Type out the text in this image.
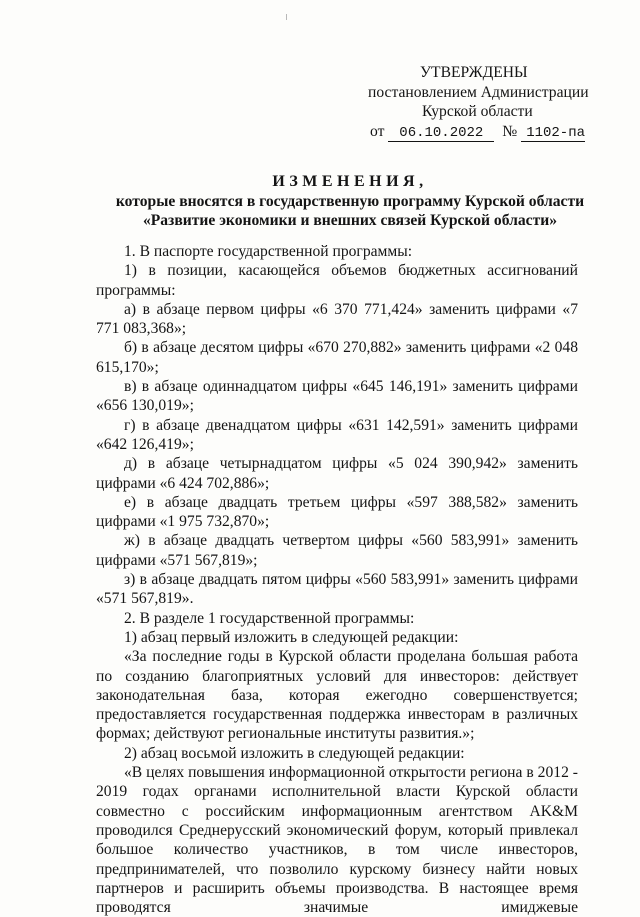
УТВЕРЖДЕНЫ
постановлением Администрации
Курской области
от 06.10.2022 № 1102-па
ИЗМЕНЕНИЯ,
которые вносятся в государственную программу Курской области
«Развитие экономики и внешних связей Курской области»

1. В паспорте государственной программы:

1) в позиции, касающейся объемов бюджетных ассигнований программы:

а) в абзаце первом цифры «6 370 771,424» заменить цифрами «7 771 083,368»;

б) в абзаце десятом цифры «670 270,882» заменить цифрами «2 048 615,170»;

в) в абзаце одиннадцатом цифры «645 146,191» заменить цифрами «656 130,019»;

г) в абзаце двенадцатом цифры «631 142,591» заменить цифрами «642 126,419»;

д) в абзаце четырнадцатом цифры «5 024 390,942» заменить цифрами «6 424 702,886»;

е) в абзаце двадцать третьем цифры «597 388,582» заменить цифрами «1 975 732,870»;

ж) в абзаце двадцать четвертом цифры «560 583,991» заменить цифрами «571 567,819»;

з) в абзаце двадцать пятом цифры «560 583,991» заменить цифрами «571 567,819».

2. В разделе 1 государственной программы:

1) абзац первый изложить в следующей редакции:

«За последние годы в Курской области проделана большая работа по созданию благоприятных условий для инвесторов: действует законодательная база, которая ежегодно совершенствуется; предоставляется государственная поддержка инвесторам в различных формах; действуют региональные институты развития.»;

2) абзац восьмой изложить в следующей редакции:

«В целях повышения информационной открытости региона в 2012 - 2019 годах органами исполнительной власти Курской области совместно с российским информационным агентством AK&M проводился Среднерусский экономический форум, который привлекал большое количество участников, в том числе инвесторов, предпринимателей, что позволило курскому бизнесу найти новых партнеров и расширить объемы производства. В настоящее время проводятся значимые имиджевые
